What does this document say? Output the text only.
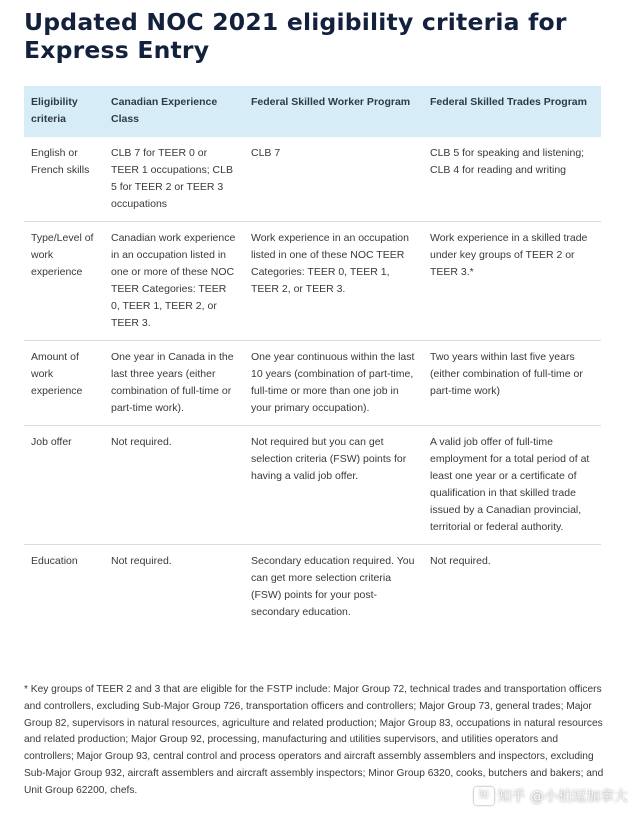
Updated NOC 2021 eligibility criteria for Express Entry
Eligibility criteria	Canadian Experience Class	Federal Skilled Worker Program	Federal Skilled Trades Program
English or French skills	CLB 7 for TEER 0 or TEER 1 occupations; CLB 5 for TEER 2 or TEER 3 occupations	CLB 7	CLB 5 for speaking and listening; CLB 4 for reading and writing
Type/Level of work experience	Canadian work experience in an occupation listed in one or more of these NOC TEER Categories: TEER 0, TEER 1, TEER 2, or TEER 3.	Work experience in an occupation listed in one of these NOC TEER Categories: TEER 0, TEER 1, TEER 2, or TEER 3.	Work experience in a skilled trade under key groups of TEER 2 or TEER 3.*
Amount of work experience	One year in Canada in the last three years (either combination of full-time or part-time work).	One year continuous within the last 10 years (combination of part-time, full-time or more than one job in your primary occupation).	Two years within last five years (either combination of full-time or part-time work)
Job offer	Not required.	Not required but you can get selection criteria (FSW) points for having a valid job offer.	A valid job offer of full-time employment for a total period of at least one year or a certificate of qualification in that skilled trade issued by a Canadian provincial, territorial or federal authority.
Education	Not required.	Secondary education required. You can get more selection criteria (FSW) points for your post-secondary education.	Not required.

* Key groups of TEER 2 and 3 that are eligible for the FSTP include: Major Group 72, technical trades and transportation officers and controllers, excluding Sub-Major Group 726, transportation officers and controllers; Major Group 73, general trades; Major Group 82, supervisors in natural resources, agriculture and related production; Major Group 83, occupations in natural resources and related production; Major Group 92, processing, manufacturing and utilities supervisors, and utilities operators and controllers; Major Group 93, central control and process operators and aircraft assembly assemblers and inspectors, excluding Sub-Major Group 932, aircraft assemblers and aircraft assembly inspectors; Minor Group 6320, cooks, butchers and bakers; and Unit Group 62200, chefs.	知 知乎 @小柏逗加拿大
